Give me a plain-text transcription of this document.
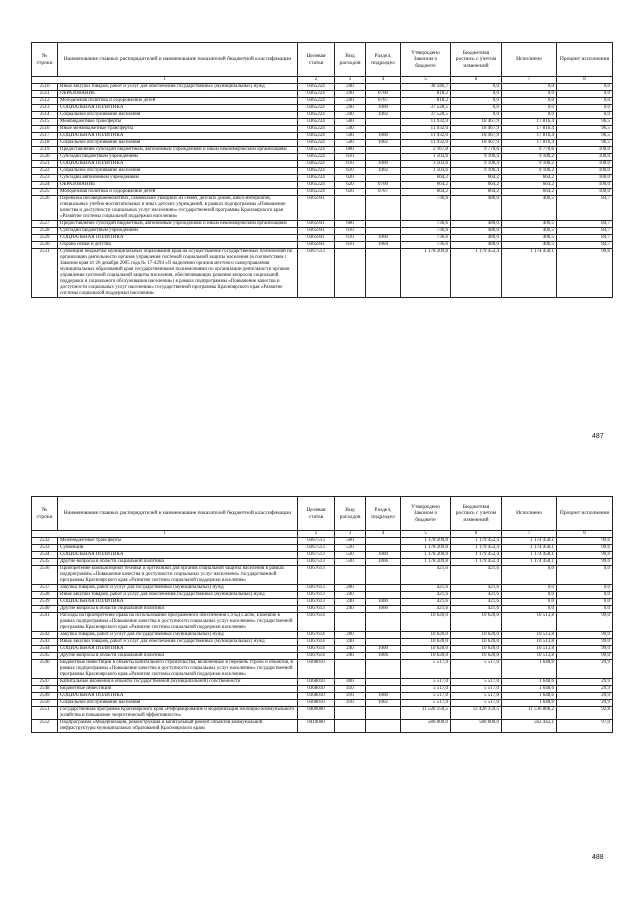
№ строки	Наименование главных распорядителей и наименование показателей бюджетной классификации	Целевая статья	Вид расходов	Раздел, подраздел	Утверждено Законом о бюджете	Бюджетная роспись с учетом изменений	Исполнено	Процент исполнения
1		2	3	4	5	6	7	8
2510	Иные закупки товаров, работ и услуг для обеспечения государственных (муниципальных) нужд	0365224	240		38 346,7	0,0	0,0	0,0
2511	ОБРАЗОВАНИЕ	0365224	240	0700	818,2	0,0	0,0	0,0
2512	Молодежная политика и оздоровление детей	0365224	240	0707	818,2	0,0	0,0	0,0
2513	СОЦИАЛЬНАЯ ПОЛИТИКА	0365224	240	1000	37 528,5	0,0	0,0	0,0
2514	Социальное обслуживание населения	0365224	240	1002	37 528,5	0,0	0,0	0,0
2515	Межбюджетные трансферты	0365224	500		11 932,0	18 467,9	17 816,4	96,5
2516	Иные межбюджетные трансферты	0365224	540		11 932,0	18 467,9	17 816,4	96,5
2517	СОЦИАЛЬНАЯ ПОЛИТИКА	0365224	540	1000	11 932,0	18 467,9	17 816,4	96,5
2518	Социальное обслуживание населения	0365224	540	1002	11 932,0	18 467,9	17 816,4	96,5
2519	Предоставление субсидий бюджетным, автономным учреждениям и иным некоммерческим организациям	0365224	600		2 167,8	9 770,6	9 770,6	100,0
2520	Субсидии бюджетным учреждениям	0365224	610		1 503,6	9 106,4	9 106,2	100,0
2521	СОЦИАЛЬНАЯ ПОЛИТИКА	0365224	610	1000	1 503,6	9 106,4	9 106,2	100,0
2522	Социальное обслуживание населения	0365224	610	1002	1 503,6	9 106,4	9 106,2	100,0
2523	Субсидии автономным учреждениям	0365224	620		664,2	664,2	664,2	100,0
2524	ОБРАЗОВАНИЕ	0365224	620	0700	664,2	664,2	664,2	100,0
2525	Молодежная политика и оздоровление детей	0365224	620	0707	664,2	664,2	664,2	100,0
2526	Перевозка несовершеннолетних, самовольно ушедших из семей, детских домов, школ-интернатов, специальных учебно-воспитательных и иных детских учреждений, в рамках подпрограммы «Повышение качества и доступности социальных услуг населению» государственной программы Красноярского края «Развитие системы социальной поддержки населения»	0365941			736,6	480,0	406,5	84,7
2527	Предоставление субсидий бюджетным, автономным учреждениям и иным некоммерческим организациям	0365941	600		736,6	480,0	406,5	84,7
2528	Субсидии бюджетным учреждениям	0365941	610		736,6	480,0	406,5	84,7
2529	СОЦИАЛЬНАЯ ПОЛИТИКА	0365941	610	1000	736,6	480,0	406,5	84,7
2530	Охрана семьи и детства	0365941	610	1004	736,6	480,0	406,5	84,7
2531	Субвенции бюджетам муниципальных образований края на осуществление государственных полномочий по организации деятельности органов управления системой социальной защиты населения (в соответствии с Законом края от 20 декабря 2005 года № 17-4294 «О наделении органов местного самоуправления муниципальных образований края государственными полномочиями по организации деятельности органов управления системой социальной защиты населения, обеспечивающих решение вопросов социальной поддержки и социального обслуживания населения») в рамках подпрограммы «Повышение качества и доступности социальных услуг населению» государственной программы Красноярского края «Развитие системы социальной поддержки населения»	0367513			1 178 209,8	1 179 452,4	1 174 458,1	99,6
487
№ строки	Наименование главных распорядителей и наименование показателей бюджетной классификации	Целевая статья	Вид расходов	Раздел, подраздел	Утверждено Законом о бюджете	Бюджетная роспись с учетом изменений	Исполнено	Процент исполнения
1		2	3	4	5	6	7	8
2532	Межбюджетные трансферты	0367513	500		1 178 209,8	1 179 452,4	1 174 458,1	99,6
2533	Субвенции	0367513	530		1 178 209,8	1 179 452,4	1 174 458,1	99,6
2534	СОЦИАЛЬНАЯ ПОЛИТИКА	0367513	530	1000	1 178 209,8	1 179 452,4	1 174 458,1	99,6
2535	Другие вопросы в области социальной политики	0367513	530	1006	1 178 209,8	1 179 452,4	1 174 458,1	99,6
2536	Приобретение компьютерной техники и оргтехники для органов социальной защиты населения в рамках подпрограммы «Повышение качества и доступности социальных услуг населению» государственной программы Красноярского края «Развитие системы социальной поддержки населения»	0367613			421,6	421,6	0,0	0,0
2537	Закупка товаров, работ и услуг для государственных (муниципальных) нужд	0367613	200		421,6	421,6	0,0	0,0
2538	Иные закупки товаров, работ и услуг для обеспечения государственных (муниципальных) нужд	0367613	240		421,6	421,6	0,0	0,0
2539	СОЦИАЛЬНАЯ ПОЛИТИКА	0367613	240	1000	421,6	421,6	0,0	0,0
2540	Другие вопросы в области социальной политики	0367613	240	1006	421,6	421,6	0,0	0,0
2541	Расходы на приобретение права на использование программного обеспечения СУБД Cache, Ensemble в рамках подпрограммы «Повышение качества и доступности социальных услуг населению» государственной программы Красноярского края «Развитие системы социальной поддержки населения»	0367614			10 620,0	10 620,0	10 513,8	99,0
2542	Закупка товаров, работ и услуг для государственных (муниципальных) нужд	0367614	200		10 620,0	10 620,0	10 513,8	99,0
2543	Иные закупки товаров, работ и услуг для обеспечения государственных (муниципальных) нужд	0367614	240		10 620,0	10 620,0	10 513,8	99,0
2544	СОЦИАЛЬНАЯ ПОЛИТИКА	0367614	240	1000	10 620,0	10 620,0	10 513,8	99,0
2545	Другие вопросы в области социальной политики	0367614	240	1006	10 620,0	10 620,0	10 513,8	99,0
2546	Бюджетные инвестиции в объекты капитального строительства, включенные в перечень строек и объектов, в рамках подпрограммы «Повышение качества и доступности социальных услуг населению» государственной программы Красноярского края «Развитие системы социальной поддержки населения»	0368010			5 517,0	5 517,0	1 648,6	29,9
2547	Капитальные вложения в объекты государственной (муниципальной) собственности	0368010	400		5 517,0	5 517,0	1 648,6	29,9
2548	Бюджетные инвестиции	0368010	410		5 517,0	5 517,0	1 648,6	29,9
2549	СОЦИАЛЬНАЯ ПОЛИТИКА	0368010	410	1000	5 517,0	5 517,0	1 648,6	29,9
2550	Социальное обслуживание населения	0368010	410	1002	5 517,0	5 517,0	1 648,6	29,9
2551	Государственная программа Красноярского края «Реформирование и модернизация жилищно-коммунального хозяйства и повышение энергетической эффективности»	0400000			11 526 159,5	12 426 159,5	11 536 868,2	92,8
2552	Подпрограмма «Модернизация, реконструкция и капитальный ремонт объектов коммунальной инфраструктуры муниципальных образований Красноярского края»	0410000			580 000,0	580 000,0	562 442,1	97,0
488
